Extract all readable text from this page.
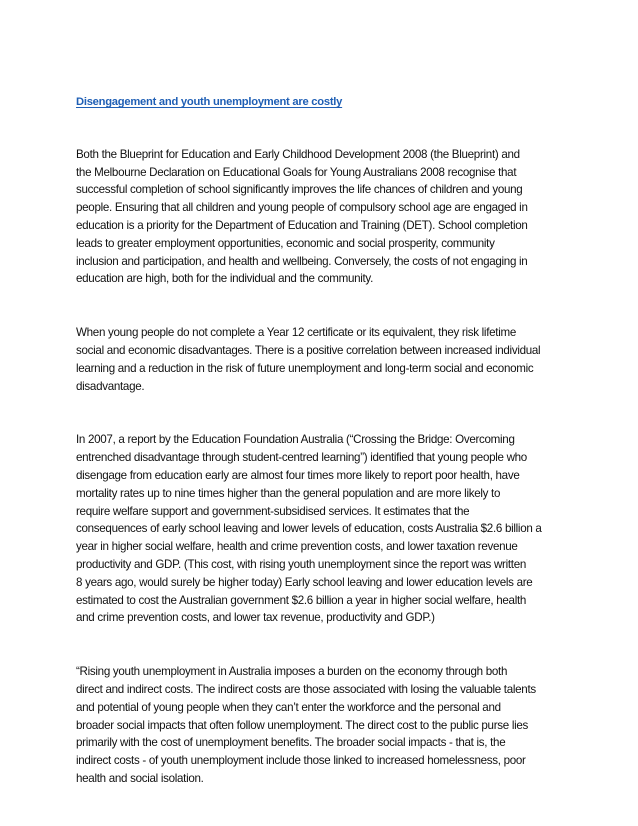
Disengagement and youth unemployment are costly
Both the Blueprint for Education and Early Childhood Development 2008 (the Blueprint) and
the Melbourne Declaration on Educational Goals for Young Australians 2008 recognise that
successful completion of school significantly improves the life chances of children and young
people. Ensuring that all children and young people of compulsory school age are engaged in
education is a priority for the Department of Education and Training (DET). School completion
leads to greater employment opportunities, economic and social prosperity, community
inclusion and participation, and health and wellbeing. Conversely, the costs of not engaging in
education are high, both for the individual and the community.
When young people do not complete a Year 12 certificate or its equivalent, they risk lifetime
social and economic disadvantages. There is a positive correlation between increased individual
learning and a reduction in the risk of future unemployment and long-term social and economic
disadvantage.
In 2007, a report by the Education Foundation Australia (“Crossing the Bridge: Overcoming
entrenched disadvantage through student-centred learning”) identified that young people who
disengage from education early are almost four times more likely to report poor health, have
mortality rates up to nine times higher than the general population and are more likely to
require welfare support and government-subsidised services. It estimates that the
consequences of early school leaving and lower levels of education, costs Australia $2.6 billion a
year in higher social welfare, health and crime prevention costs, and lower taxation revenue
productivity and GDP. (This cost, with rising youth unemployment since the report was written
8 years ago, would surely be higher today) Early school leaving and lower education levels are
estimated to cost the Australian government $2.6 billion a year in higher social welfare, health
and crime prevention costs, and lower tax revenue, productivity and GDP.)
“Rising youth unemployment in Australia imposes a burden on the economy through both
direct and indirect costs. The indirect costs are those associated with losing the valuable talents
and potential of young people when they can’t enter the workforce and the personal and
broader social impacts that often follow unemployment. The direct cost to the public purse lies
primarily with the cost of unemployment benefits. The broader social impacts - that is, the
indirect costs - of youth unemployment include those linked to increased homelessness, poor
health and social isolation.
